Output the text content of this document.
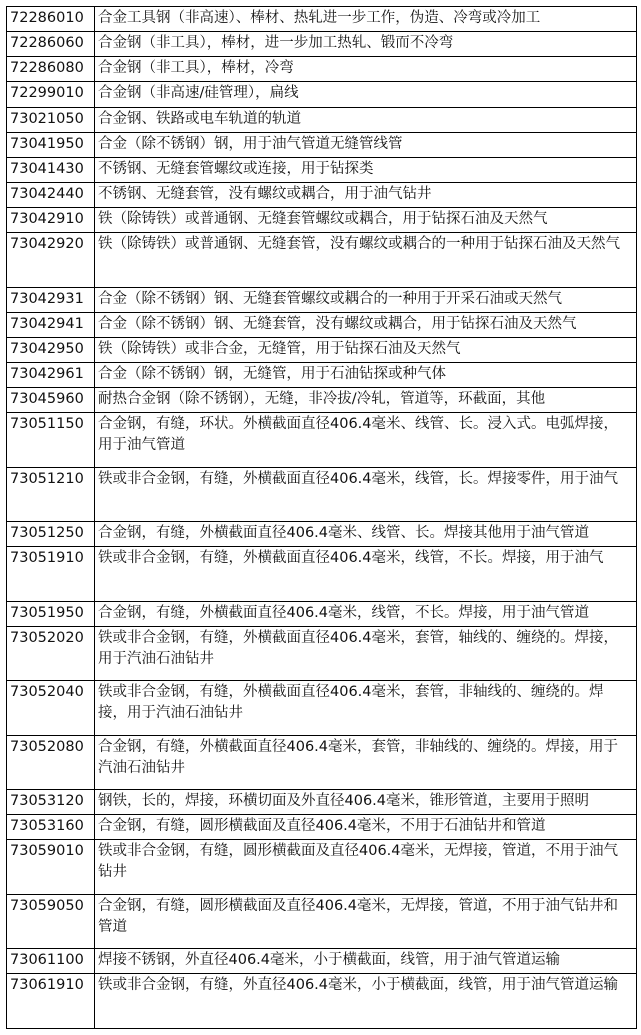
72286010	合金工具钢（非高速）、棒材、热轧进一步工作，伪造、冷弯或冷加工
72286060	合金钢（非工具），棒材，进一步加工热轧、锻而不冷弯
72286080	合金钢（非工具），棒材，冷弯
72299010	合金钢（非高速/硅管理），扁线
73021050	合金钢、铁路或电车轨道的轨道
73041950	合金（除不锈钢）钢，用于油气管道无缝管线管
73041430	不锈钢、无缝套管螺纹或连接，用于钻探类
73042440	不锈钢、无缝套管，没有螺纹或耦合，用于油气钻井
73042910	铁（除铸铁）或普通钢、无缝套管螺纹或耦合，用于钻探石油及天然气
73042920	铁（除铸铁）或普通钢、无缝套管，没有螺纹或耦合的一种用于钻探石油及天然气
73042931	合金（除不锈钢）钢、无缝套管螺纹或耦合的一种用于开采石油或天然气
73042941	合金（除不锈钢）钢、无缝套管，没有螺纹或耦合，用于钻探石油及天然气
73042950	铁（除铸铁）或非合金，无缝管，用于钻探石油及天然气
73042961	合金（除不锈钢）钢，无缝管，用于石油钻探或种气体
73045960	耐热合金钢（除不锈钢），无缝，非冷拔/冷轧，管道等，环截面，其他
73051150	合金钢，有缝，环状。外横截面直径406.4毫米、线管、长。浸入式。电弧焊接，用于油气管道
73051210	铁或非合金钢，有缝，外横截面直径406.4毫米，线管，长。焊接零件，用于油气
73051250	合金钢，有缝，外横截面直径406.4毫米、线管、长。焊接其他用于油气管道
73051910	铁或非合金钢，有缝，外横截面直径406.4毫米，线管，不长。焊接，用于油气
73051950	合金钢，有缝，外横截面直径406.4毫米，线管，不长。焊接，用于油气管道
73052020	铁或非合金钢，有缝，外横截面直径406.4毫米，套管，轴线的、缠绕的。焊接，用于汽油石油钻井
73052040	铁或非合金钢，有缝，外横截面直径406.4毫米，套管，非轴线的、缠绕的。焊接，用于汽油石油钻井
73052080	合金钢，有缝，外横截面直径406.4毫米，套管，非轴线的、缠绕的。焊接，用于汽油石油钻井
73053120	钢铁，长的，焊接，环横切面及外直径406.4毫米，锥形管道，主要用于照明
73053160	合金钢，有缝，圆形横截面及直径406.4毫米，不用于石油钻井和管道
73059010	铁或非合金钢，有缝，圆形横截面及直径406.4毫米，无焊接，管道，不用于油气钻井
73059050	合金钢，有缝，圆形横截面及直径406.4毫米，无焊接，管道，不用于油气钻井和管道
73061100	焊接不锈钢，外直径406.4毫米，小于横截面，线管，用于油气管道运输
73061910	铁或非合金钢，有缝，外直径406.4毫米，小于横截面，线管，用于油气管道运输
